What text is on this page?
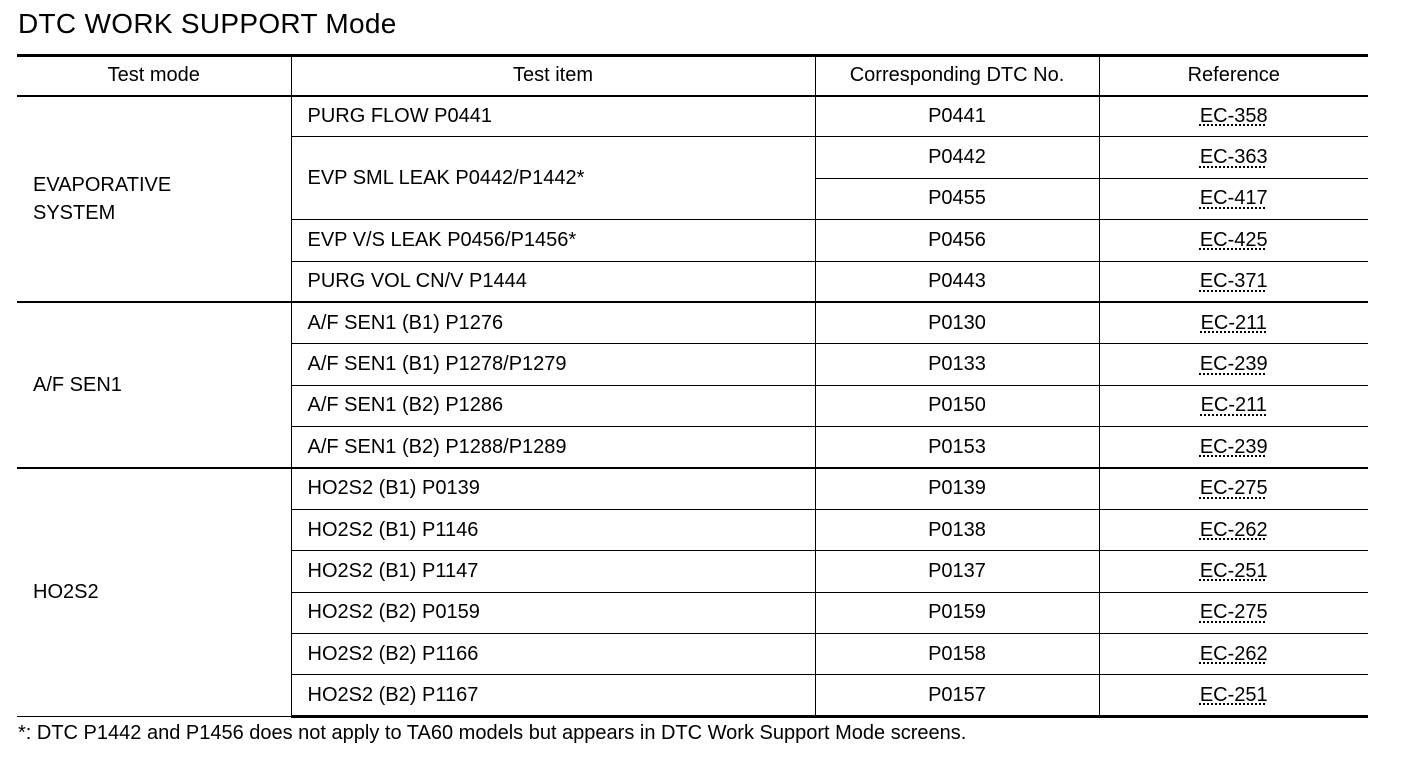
DTC WORK SUPPORT Mode
Test mode	Test item	Corresponding DTC No.	Reference
EVAPORATIVE SYSTEM	PURG FLOW P0441	P0441	EC-358
	EVP SML LEAK P0442/P1442*	P0442	EC-363
		P0455	EC-417
	EVP V/S LEAK P0456/P1456*	P0456	EC-425
	PURG VOL CN/V P1444	P0443	EC-371
A/F SEN1	A/F SEN1 (B1) P1276	P0130	EC-211
	A/F SEN1 (B1) P1278/P1279	P0133	EC-239
	A/F SEN1 (B2) P1286	P0150	EC-211
	A/F SEN1 (B2) P1288/P1289	P0153	EC-239
HO2S2	HO2S2 (B1) P0139	P0139	EC-275
	HO2S2 (B1) P1146	P0138	EC-262
	HO2S2 (B1) P1147	P0137	EC-251
	HO2S2 (B2) P0159	P0159	EC-275
	HO2S2 (B2) P1166	P0158	EC-262
	HO2S2 (B2) P1167	P0157	EC-251
*: DTC P1442 and P1456 does not apply to TA60 models but appears in DTC Work Support Mode screens.
